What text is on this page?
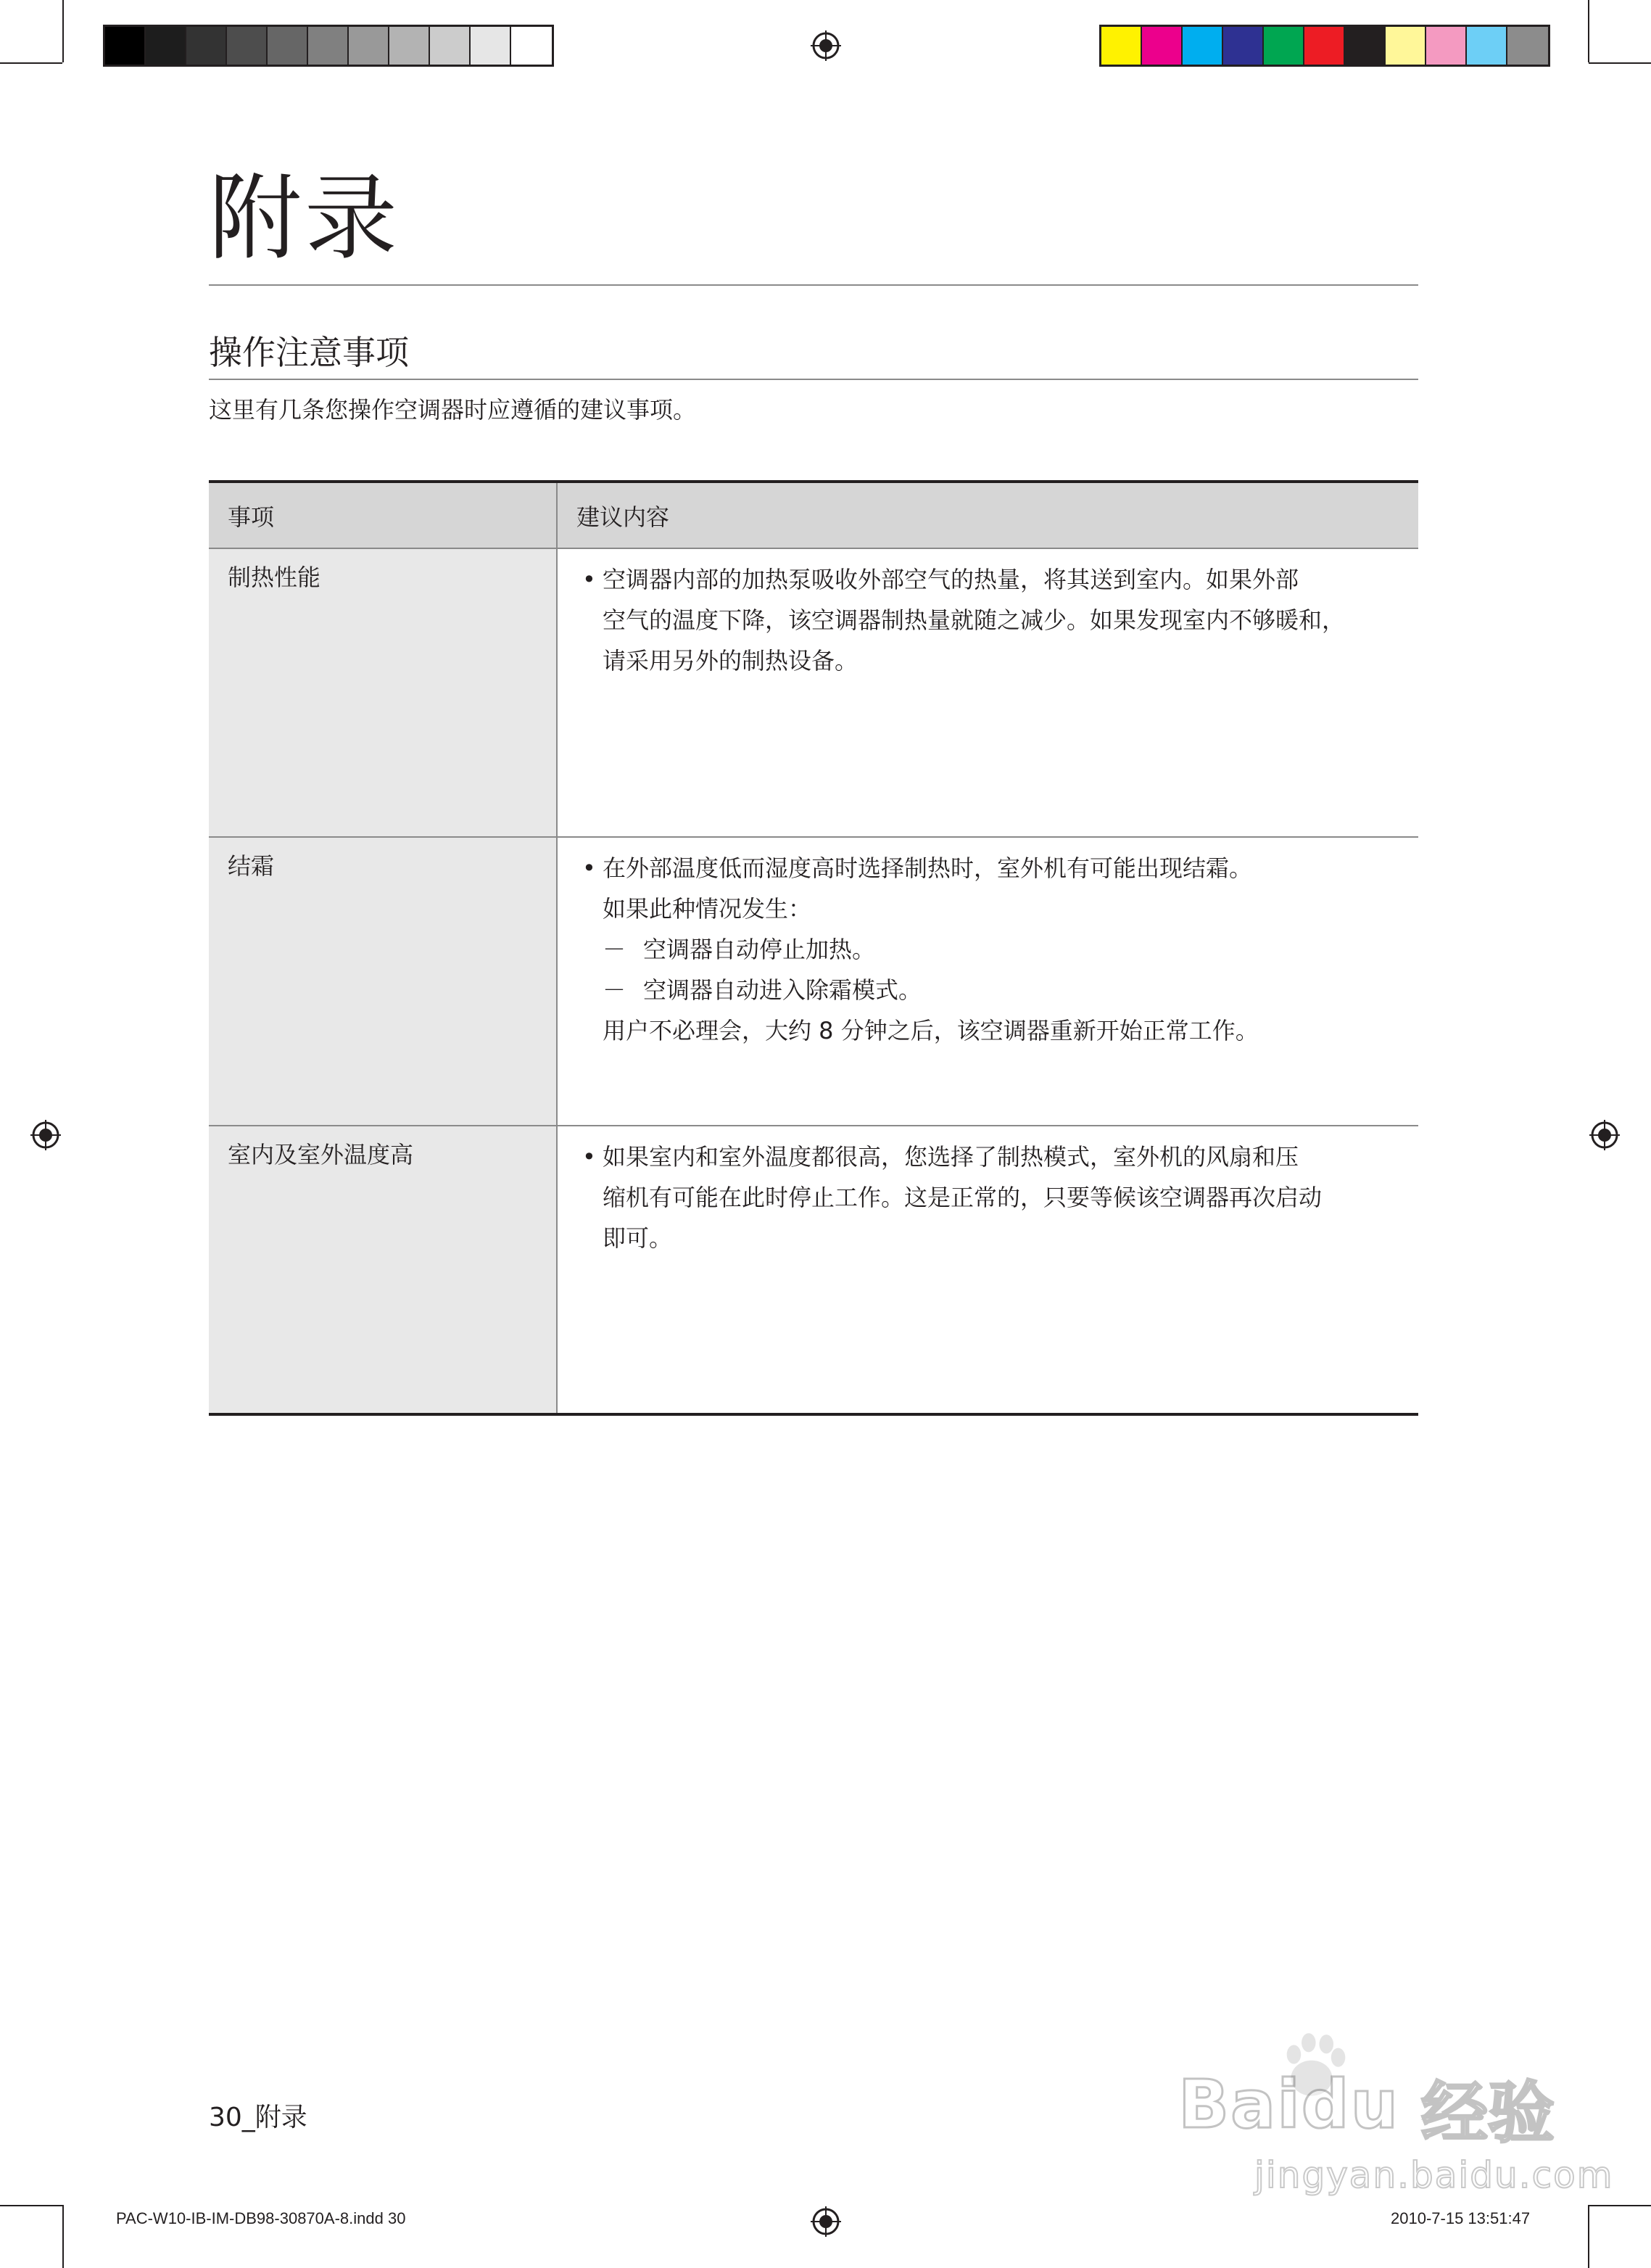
附录
操作注意事项
这里有几条您操作空调器时应遵循的建议事项。
事项	建议内容
制热性能	• 空调器内部的加热泵吸收外部空气的热量，将其送到室内。如果外部
空气的温度下降，该空调器制热量就随之减少。如果发现室内不够暖和，
请采用另外的制热设备。

结霜	• 在外部温度低而湿度高时选择制热时，室外机有可能出现结霜。
如果此种情况发生：
－ 空调器自动停止加热。
－ 空调器自动进入除霜模式。
用户不必理会，大约 8 分钟之后，该空调器重新开始正常工作。

室内及室外温度高	• 如果室内和室外温度都很高，您选择了制热模式，室外机的风扇和压
缩机有可能在此时停止工作。这是正常的，只要等候该空调器再次启动
即可。
30_附录
PAC-W10-IB-IM-DB98-30870A-8.indd 30	2010-7-15 13:51:47
Baidu 经验
jingyan.baidu.com
